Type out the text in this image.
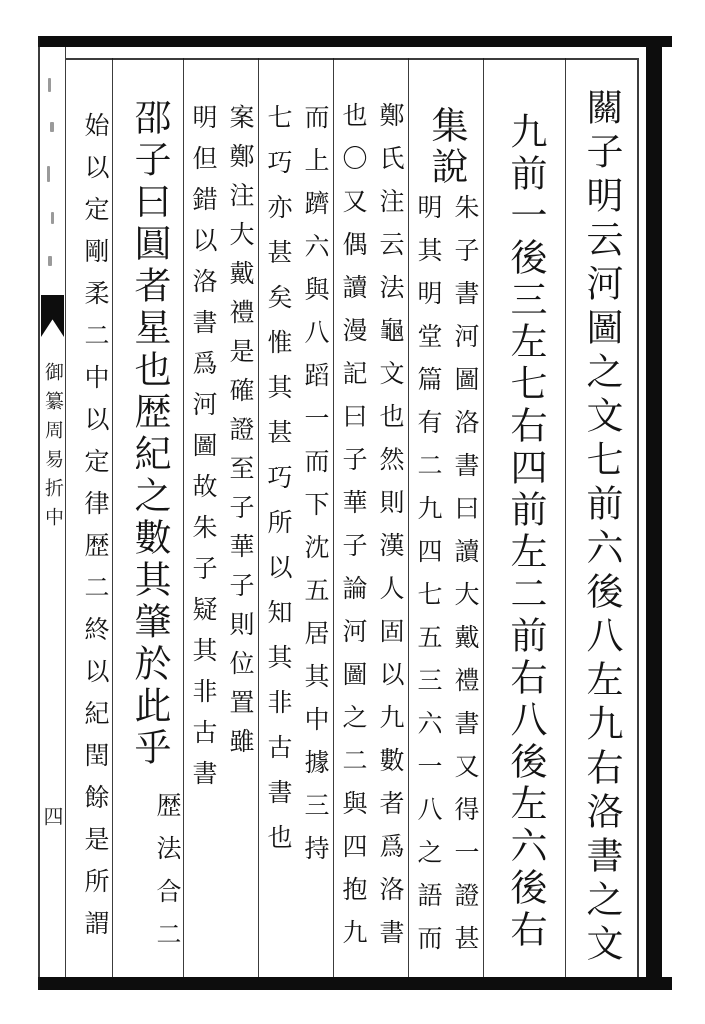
御纂周易折中
四	關子明云河圖之文七前六後八左九右洛書之文
九前一後三左七右四前左二前右八後左六後右
集說
朱子書河圖洛書曰讀大戴禮書又得一證甚
明其明堂篇有二九四七五三六一八之語而
鄭氏注云法龜文也然則漢人固以九數者爲洛書
也〇又偶讀漫記曰子華子論河圖之二與四抱九
而上躋六與八蹈一而下沈五居其中據三持
七巧亦甚矣惟其甚巧所以知其非古書也
案鄭注大戴禮是確證至子華子則位置雖
明但錯以洛書爲河圖故朱子疑其非古書
邵子曰圓者星也歴紀之數其肇於此乎
歴法合二
始以定剛柔二中以定律歴二終以紀閏餘是所謂
